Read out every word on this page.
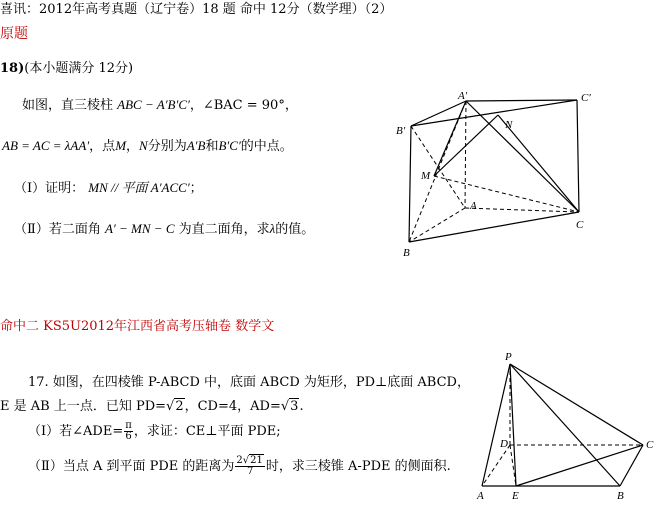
喜讯：2012年高考真题（辽宁卷）18 题 命中 12分（数学理）（2）
原题
18)(本小题满分 12分)
如图，直三棱柱 ABC − A′B′C′，∠BAC = 90°，
AB = AC = λAA′，点M，N分别为A′B和B′C′的中点。
（Ⅰ）证明： MN // 平面 A′ACC′；
（Ⅱ）若二面角 A′ − MN − C 为直二面角，求λ的值。
A′	C′
B′	N
M
A
C
B
命中二 KS5U2012年江西省高考压轴卷 数学文
17. 如图，在四棱锥 P-ABCD 中，底面 ABCD 为矩形，PD⊥底面 ABCD，
E 是 AB 上一点．已知 PD=√2，CD=4，AD=√3.
（Ⅰ）若∠ADE= $\frac{\pi}{6}$ ，求证：CE⊥平面 PDE;
（Ⅱ）当点 A 到平面 PDE 的距离为 $\frac{2√21}{7}$ 时，求三棱锥 A-PDE 的侧面积.
P
D	C
A	E	B
